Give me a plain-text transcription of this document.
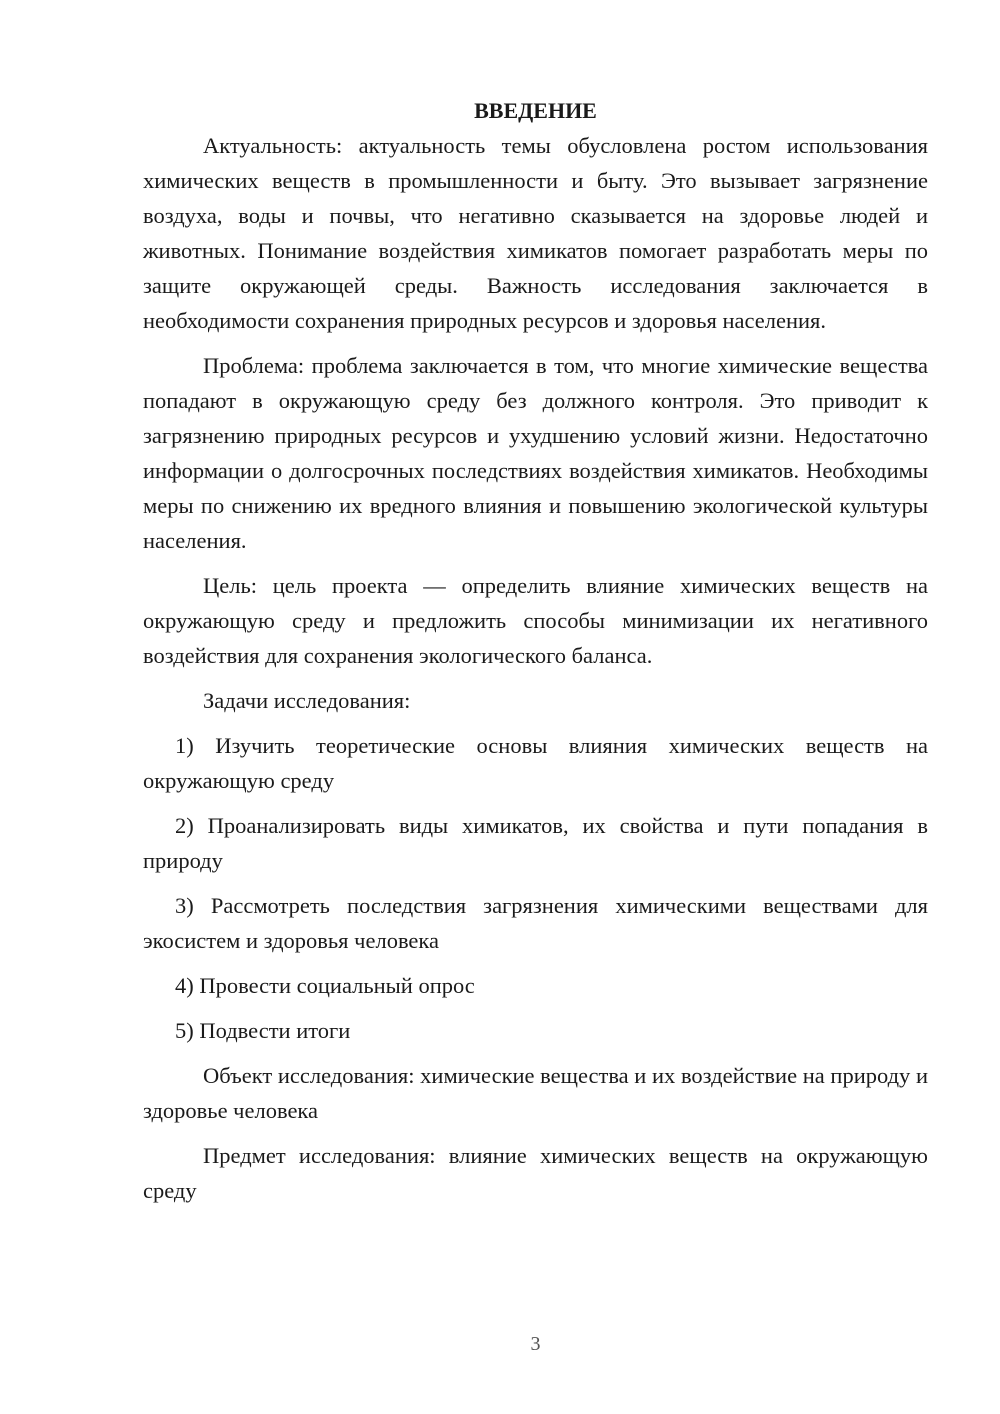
ВВЕДЕНИЕ

Актуальность: актуальность темы обусловлена ростом использования химических веществ в промышленности и быту. Это вызывает загрязнение воздуха, воды и почвы, что негативно сказывается на здоровье людей и животных. Понимание воздействия химикатов помогает разработать меры по защите окружающей среды. Важность исследования заключается в необходимости сохранения природных ресурсов и здоровья населения.

Проблема: проблема заключается в том, что многие химические вещества попадают в окружающую среду без должного контроля. Это приводит к загрязнению природных ресурсов и ухудшению условий жизни. Недостаточно информации о долгосрочных последствиях воздействия химикатов. Необходимы меры по снижению их вредного влияния и повышению экологической культуры населения.

Цель: цель проекта — определить влияние химических веществ на окружающую среду и предложить способы минимизации их негативного воздействия для сохранения экологического баланса.

Задачи исследования:

1) Изучить теоретические основы влияния химических веществ на окружающую среду

2) Проанализировать виды химикатов, их свойства и пути попадания в природу

3) Рассмотреть последствия загрязнения химическими веществами для экосистем и здоровья человека

4) Провести социальный опрос

5) Подвести итоги

Объект исследования: химические вещества и их воздействие на природу и здоровье человека

Предмет исследования: влияние химических веществ на окружающую среду

3
